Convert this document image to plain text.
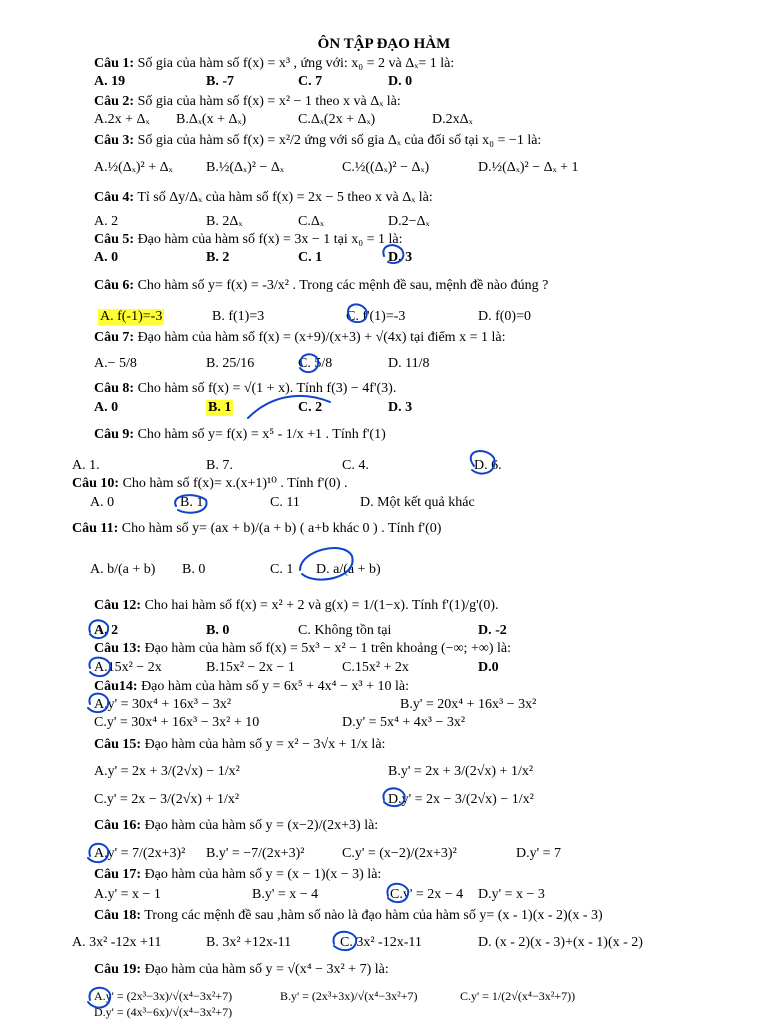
ÔN TẬP ĐẠO HÀM
Câu 1: Số gia của hàm số f(x) = x³ , ứng với: x₀ = 2 và Δₓ= 1 là:
A. 19	B. -7	C. 7	D. 0
Câu 2: Số gia của hàm số f(x) = x² − 1 theo x và Δₓ là:
A.2x + Δₓ B.Δₓ(x + Δₓ)	C.Δₓ(2x + Δₓ)	D.2xΔₓ
Câu 3: Số gia của hàm số f(x) = x²/2 ứng với số gia Δₓ của đối số tại x₀ = −1 là:
A.½(Δₓ)² + Δₓ B.½(Δₓ)² − Δₓ	C.½((Δₓ)² − Δₓ)	D.½(Δₓ)² − Δₓ + 1
Câu 4: Tỉ số Δy/Δₓ của hàm số f(x) = 2x − 5 theo x và Δₓ là:
A. 2	B. 2Δₓ	C.Δₓ	D.2−Δₓ
Câu 5: Đạo hàm của hàm số f(x) = 3x − 1 tại x₀ = 1 là:
A. 0	B. 2	C. 1	D. 3
Câu 6: Cho hàm số y= f(x) = -3/x² . Trong các mệnh đề sau, mệnh đề nào đúng ?
A. f(-1)=-3	B. f(1)=3	C. f'(1)=-3	D. f(0)=0
Câu 7: Đạo hàm của hàm số f(x) = (x+9)/(x+3) + √(4x) tại điểm x = 1 là:
A.− 5/8	B. 25/16	C. 5/8	D. 11/8
Câu 8: Cho hàm số f(x) = √(1 + x). Tính f(3) − 4f'(3).
A. 0	B. 1	C. 2	D. 3
Câu 9: Cho hàm số y= f(x) = x⁵ - 1/x +1 . Tính f'(1)
A. 1.	B. 7.	C. 4.	D. 6.
Câu 10: Cho hàm số f(x)= x.(x+1)¹⁰ . Tính f'(0) .
A. 0	B. 1	C. 11	D. Một kết quả khác
Câu 11: Cho hàm số y= (ax + b)/(a + b) ( a+b khác 0 ) . Tính f'(0)
A. b/(a + b) B. 0	C. 1 D. a/(a + b)
Câu 12: Cho hai hàm số f(x) = x² + 2 và g(x) = 1/(1−x). Tính f'(1)/g'(0).
A. 2	B. 0	C. Không tồn tại	D. -2
Câu 13: Đạo hàm của hàm số f(x) = 5x³ − x² − 1 trên khoảng (−∞; +∞) là:
A.15x² − 2x	B.15x² − 2x − 1	C.15x² + 2x	D.0
Câu14: Đạo hàm của hàm số y = 6x⁵ + 4x⁴ − x³ + 10 là:
A.y' = 30x⁴ + 16x³ − 3x²	B.y' = 20x⁴ + 16x³ − 3x²
C.y' = 30x⁴ + 16x³ − 3x² + 10	D.y' = 5x⁴ + 4x³ − 3x²
Câu 15: Đạo hàm của hàm số y = x² − 3√x + 1/x là:
A.y' = 2x + 3/(2√x) − 1/x²	B.y' = 2x + 3/(2√x) + 1/x²
C.y' = 2x − 3/(2√x) + 1/x²	D.y' = 2x − 3/(2√x) − 1/x²
Câu 16: Đạo hàm của hàm số y = (x−2)/(2x+3) là:
A.y' = 7/(2x+3)² B.y' = −7/(2x+3)²	C.y' = (x−2)/(2x+3)²	D.y' = 7
Câu 17: Đạo hàm của hàm số y = (x − 1)(x − 3) là:
A.y' = x − 1	B.y' = x − 4	C.y' = 2x − 4 D.y' = x − 3
Câu 18: Trong các mệnh đề sau ,hàm số nào là đạo hàm của hàm số y= (x - 1)(x - 2)(x - 3)
A. 3x² -12x +11	B. 3x² +12x-11	C. 3x² -12x-11	D. (x - 2)(x - 3)+(x - 1)(x - 2)
Câu 19: Đạo hàm của hàm số y = √(x⁴ − 3x² + 7) là:
A.y' = (2x³−3x)/√(x⁴−3x²+7)	B.y' = (2x³+3x)/√(x⁴−3x²+7)	C.y' = 1/(2√(x⁴−3x²+7))
D.y' = (4x³−6x)/√(x⁴−3x²+7)
